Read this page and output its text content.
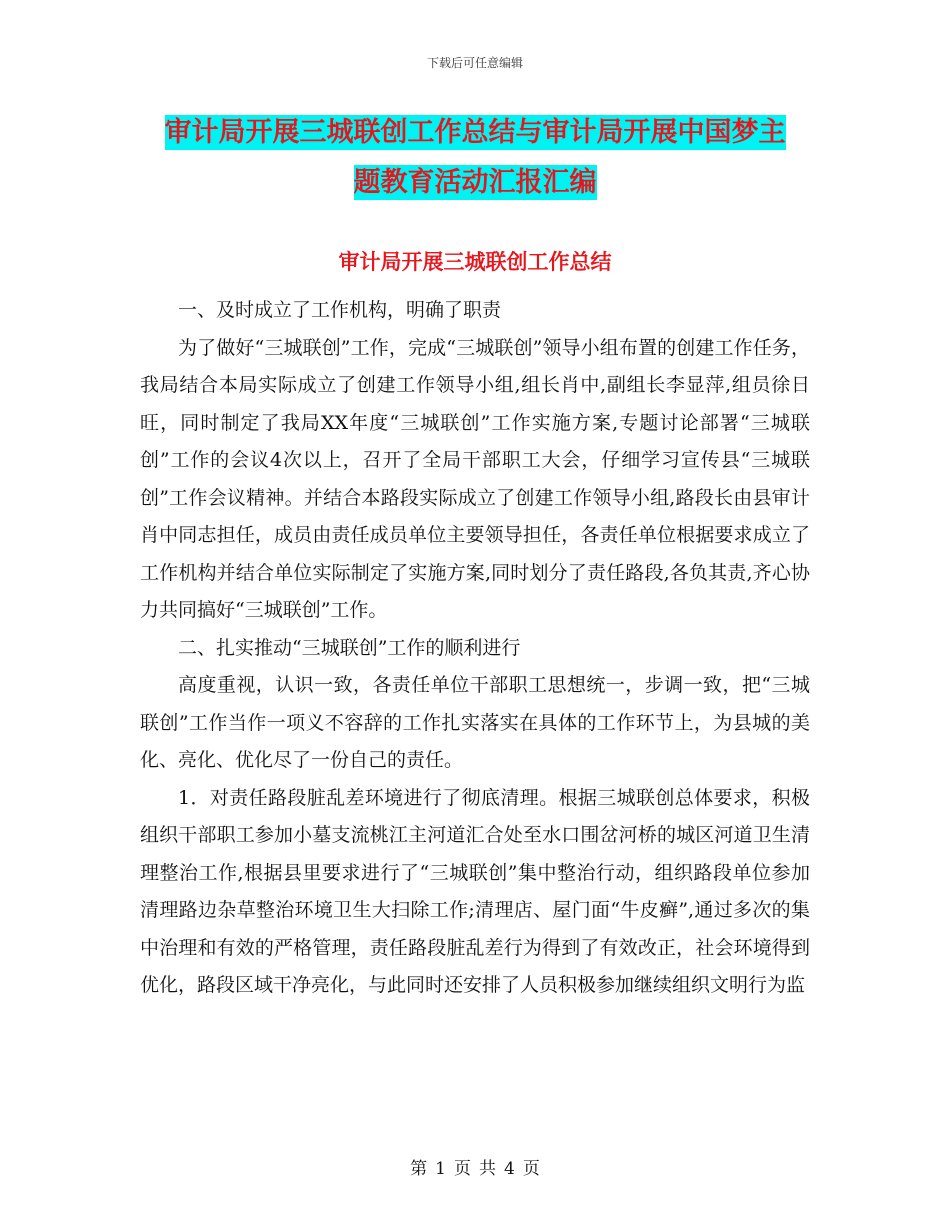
下载后可任意编辑
审计局开展三城联创工作总结与审计局开展中国梦主
题教育活动汇报汇编
审计局开展三城联创工作总结

一、及时成立了工作机构，明确了职责

为了做好“三城联创”工作，完成“三城联创”领导小组布置的创建工作任务，我局结合本局实际成立了创建工作领导小组,组长肖中,副组长李显萍,组员徐日旺，同时制定了我局XX年度“三城联创”工作实施方案,专题讨论部署“三城联创”工作的会议4次以上，召开了全局干部职工大会，仔细学习宣传县“三城联创”工作会议精神。并结合本路段实际成立了创建工作领导小组,路段长由县审计肖中同志担任，成员由责任成员单位主要领导担任，各责任单位根据要求成立了工作机构并结合单位实际制定了实施方案,同时划分了责任路段,各负其责,齐心协力共同搞好“三城联创”工作。

二、扎实推动“三城联创”工作的顺利进行

高度重视，认识一致，各责任单位干部职工思想统一，步调一致，把“三城联创”工作当作一项义不容辞的工作扎实落实在具体的工作环节上，为县城的美化、亮化、优化尽了一份自己的责任。

1．对责任路段脏乱差环境进行了彻底清理。根据三城联创总体要求，积极组织干部职工参加小墓支流桃江主河道汇合处至水口围岔河桥的城区河道卫生清理整治工作,根据县里要求进行了“三城联创”集中整治行动，组织路段单位参加清理路边杂草整治环境卫生大扫除工作;清理店、屋门面“牛皮癣”,通过多次的集中治理和有效的严格管理，责任路段脏乱差行为得到了有效改正，社会环境得到优化，路段区域干净亮化，与此同时还安排了人员积极参加继续组织文明行为监

第 1 页 共 4 页
